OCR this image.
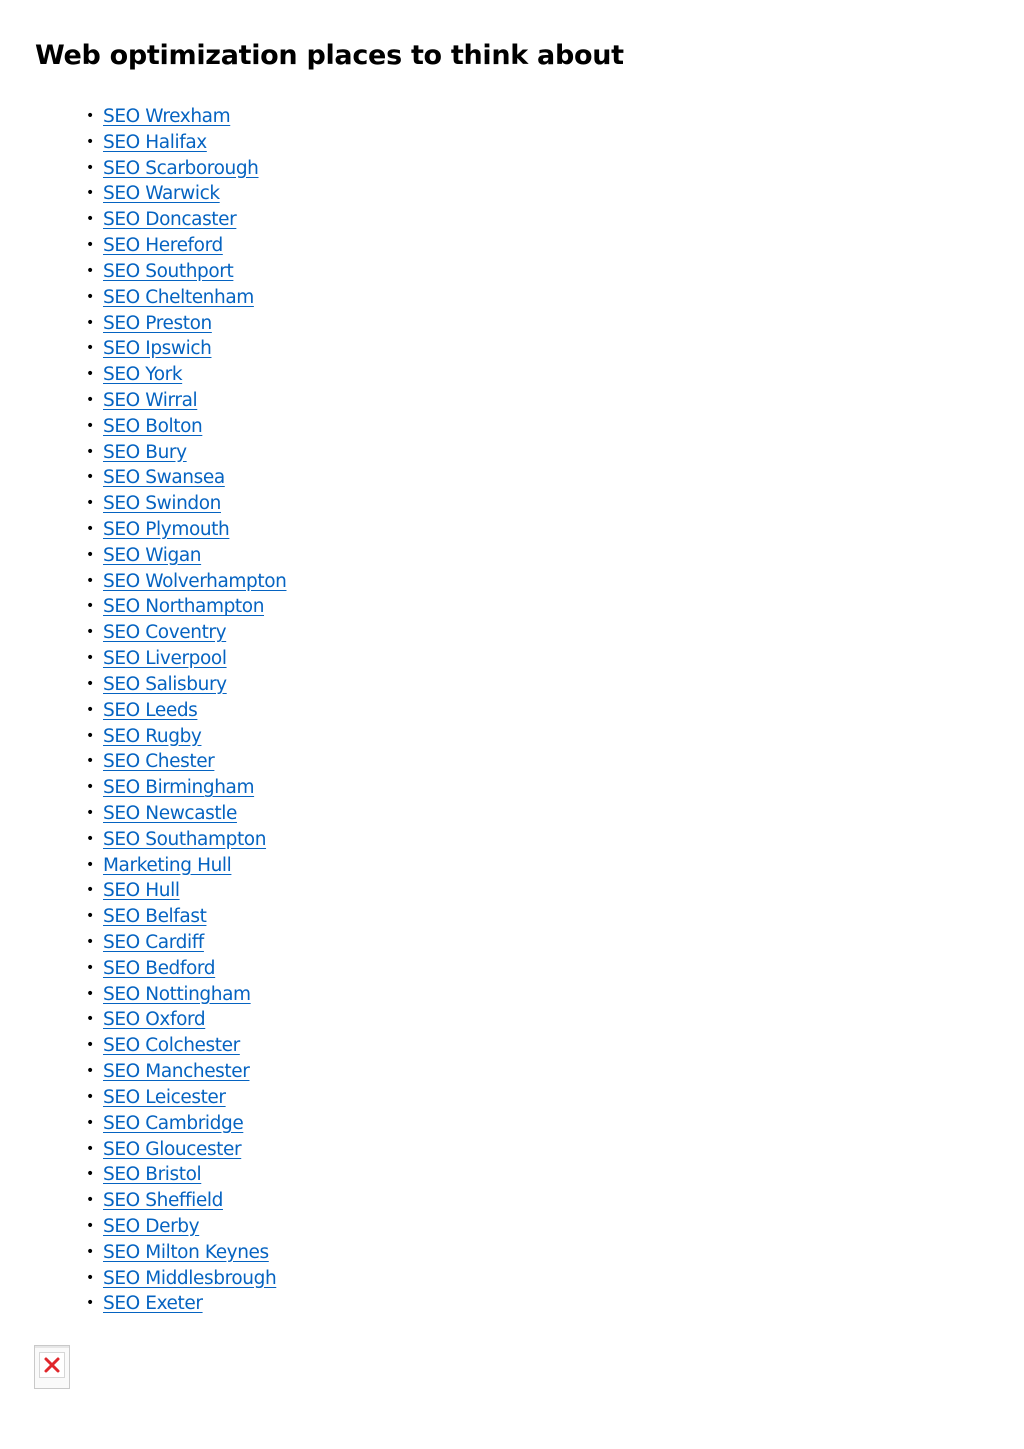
Web optimization places to think about
• SEO Wrexham
• SEO Halifax
• SEO Scarborough
• SEO Warwick
• SEO Doncaster
• SEO Hereford
• SEO Southport
• SEO Cheltenham
• SEO Preston
• SEO Ipswich
• SEO York
• SEO Wirral
• SEO Bolton
• SEO Bury
• SEO Swansea
• SEO Swindon
• SEO Plymouth
• SEO Wigan
• SEO Wolverhampton
• SEO Northampton
• SEO Coventry
• SEO Liverpool
• SEO Salisbury
• SEO Leeds
• SEO Rugby
• SEO Chester
• SEO Birmingham
• SEO Newcastle
• SEO Southampton
• Marketing Hull
• SEO Hull
• SEO Belfast
• SEO Cardiff
• SEO Bedford
• SEO Nottingham
• SEO Oxford
• SEO Colchester
• SEO Manchester
• SEO Leicester
• SEO Cambridge
• SEO Gloucester
• SEO Bristol
• SEO Sheffield
• SEO Derby
• SEO Milton Keynes
• SEO Middlesbrough
• SEO Exeter
